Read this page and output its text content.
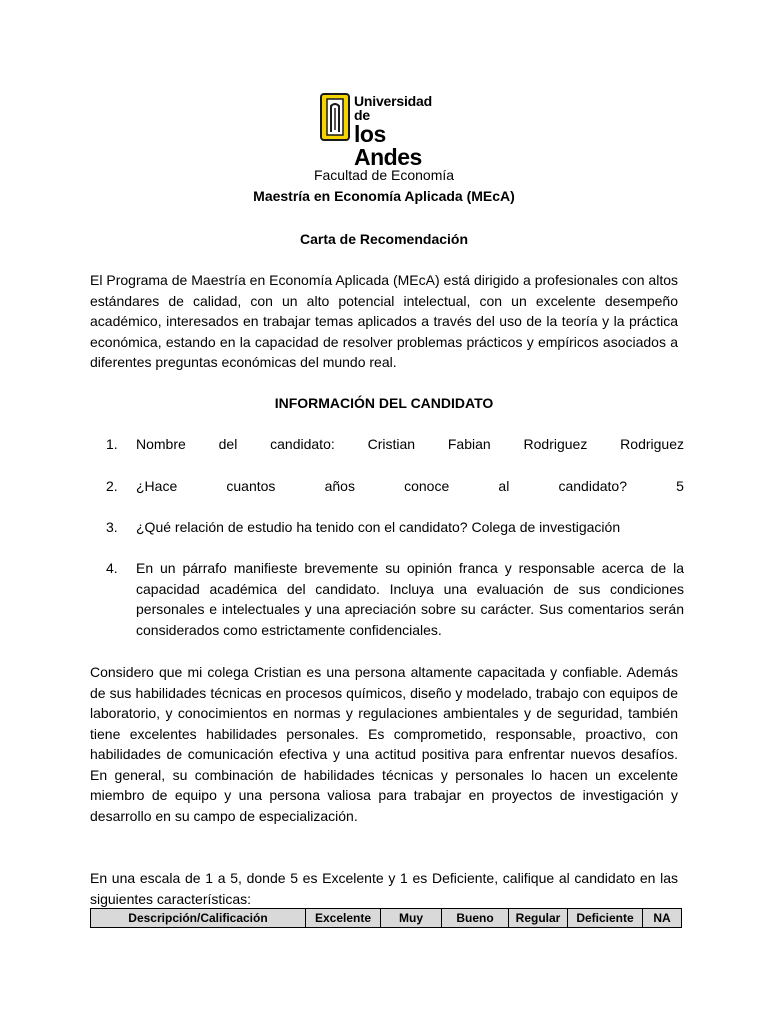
Universidad de
los Andes
Facultad de Economía
Maestría en Economía Aplicada (MEcA)
Carta de Recomendación
El Programa de Maestría en Economía Aplicada (MEcA) está dirigido a profesionales con altos estándares de calidad, con un alto potencial intelectual, con un excelente desempeño académico, interesados en trabajar temas aplicados a través del uso de la teoría y la práctica económica, estando en la capacidad de resolver problemas prácticos y empíricos asociados a diferentes preguntas económicas del mundo real.
INFORMACIÓN DEL CANDIDATO
1.	Nombre del candidato: Cristian Fabian Rodriguez Rodriguez
2.	¿Hace	cuantos	años	conoce	al	candidato?	5
3.	¿Qué relación de estudio ha tenido con el candidato? Colega de investigación
4.	En un párrafo manifieste brevemente su opinión franca y responsable acerca de la capacidad académica del candidato. Incluya una evaluación de sus condiciones personales e intelectuales y una apreciación sobre su carácter. Sus comentarios serán considerados como estrictamente confidenciales.
Considero que mi colega Cristian es una persona altamente capacitada y confiable. Además de sus habilidades técnicas en procesos químicos, diseño y modelado, trabajo con equipos de laboratorio, y conocimientos en normas y regulaciones ambientales y de seguridad, también tiene excelentes habilidades personales. Es comprometido, responsable, proactivo, con habilidades de comunicación efectiva y una actitud positiva para enfrentar nuevos desafíos. En general, su combinación de habilidades técnicas y personales lo hacen un excelente miembro de equipo y una persona valiosa para trabajar en proyectos de investigación y desarrollo en su campo de especialización.
En una escala de 1 a 5, donde 5 es Excelente y 1 es Deficiente, califique al candidato en las siguientes características:
Descripción/Calificación	Excelente	Muy	Bueno	Regular	Deficiente	NA
